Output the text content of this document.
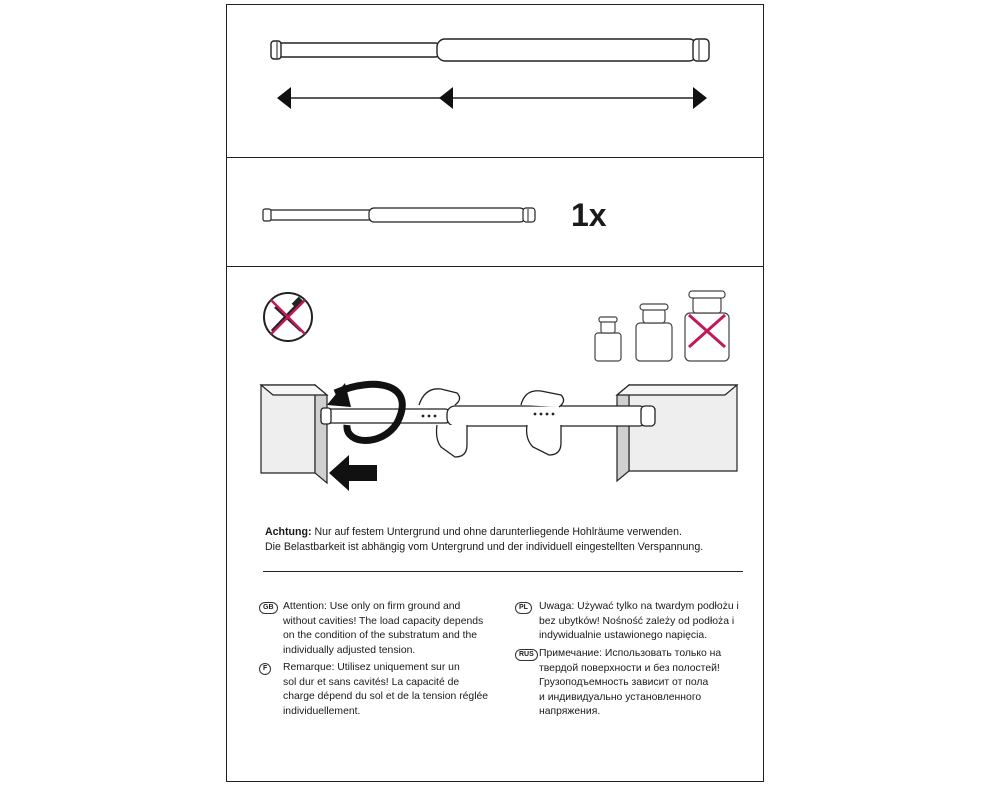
1x
Achtung: Nur auf festem Untergrund und ohne darunterliegende Hohlräume verwenden.
Die Belastbarkeit ist abhängig vom Untergrund und der individuell eingestellten Verspannung.
GB Attention: Use only on firm ground and
without cavities! The load capacity depends
on the condition of the substratum and the
individually adjusted tension.
F	Remarque: Utilisez uniquement sur un
sol dur et sans cavités! La capacité de
charge dépend du sol et de la tension réglée
individuellement.
PL	Uwaga: Używać tylko na twardym podłożu i
bez ubytków! Nośność zależy od podłoża i
indywidualnie ustawionego napięcia.
RUS Примечание: Использовать только на
твердой поверхности и без полостей!
Грузоподъемность зависит от пола
и индивидуально установленного
напряжения.
